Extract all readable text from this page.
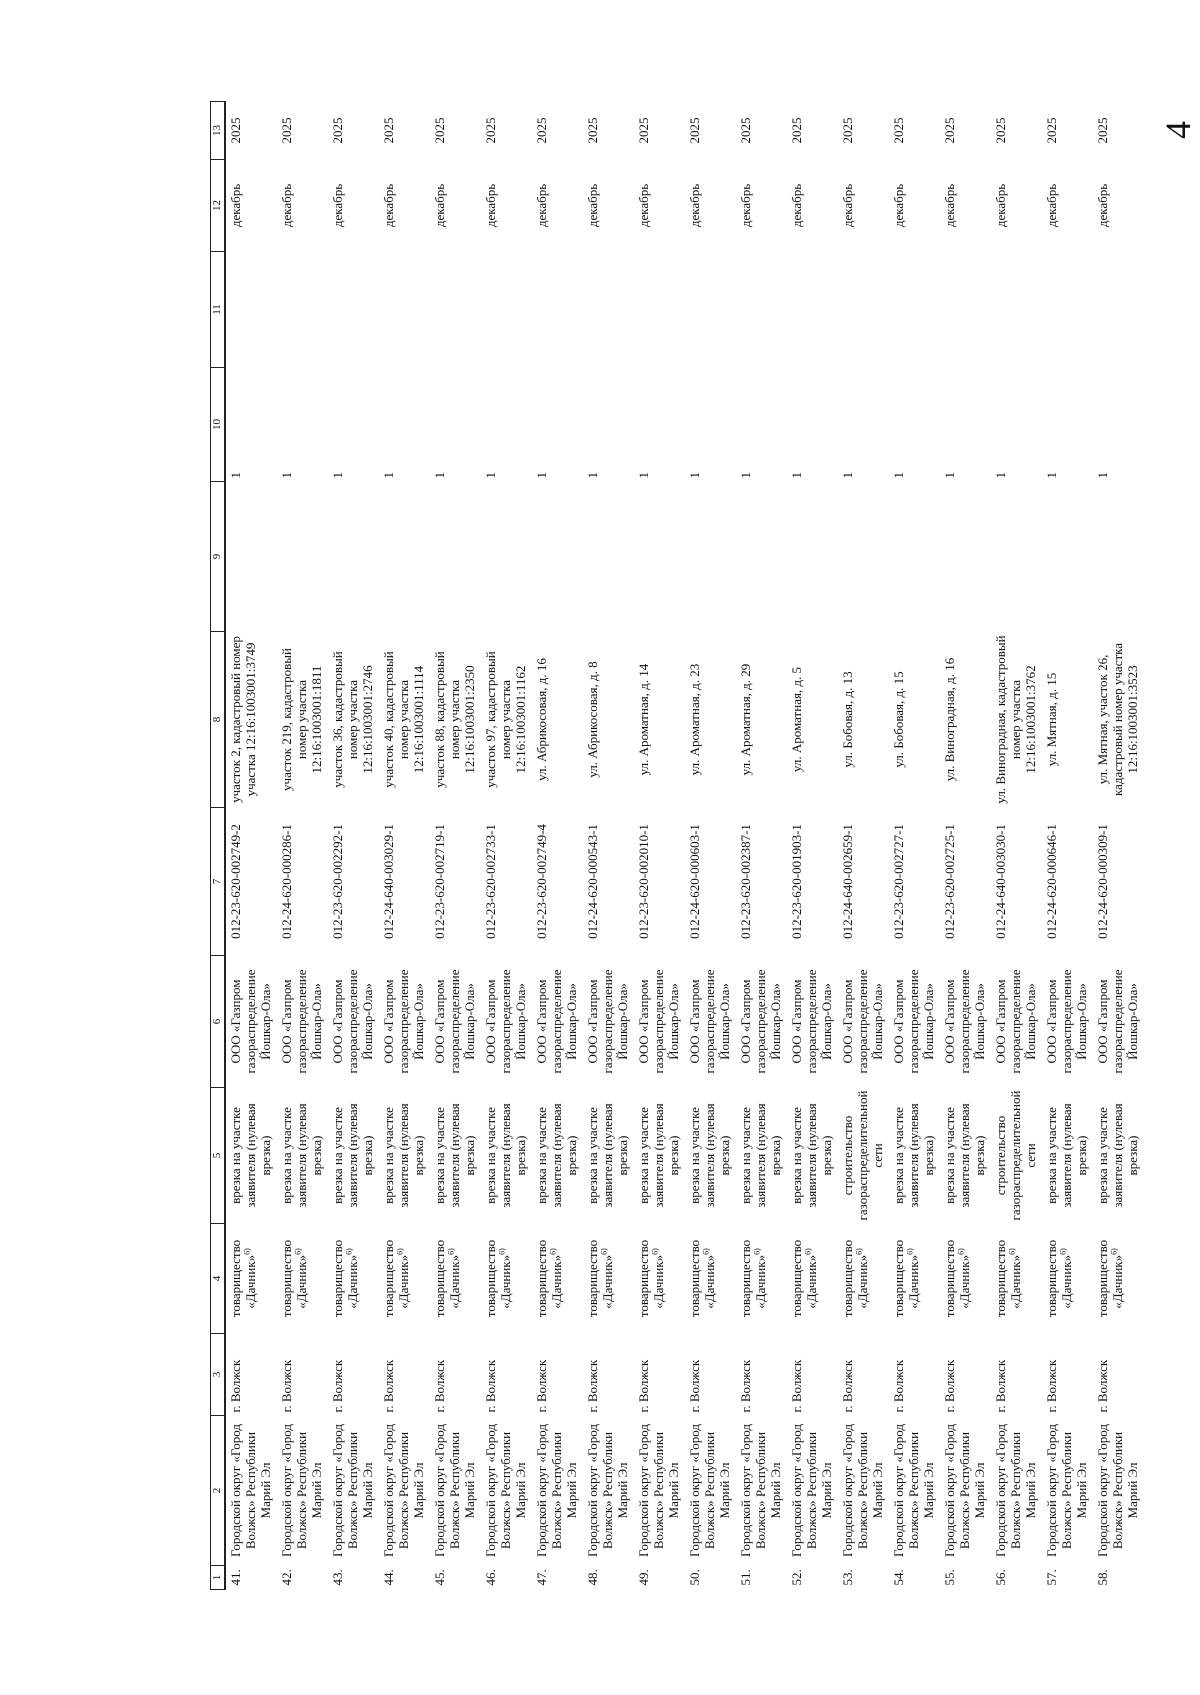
4
1	2	3	4	5	6	7	8	9	10	11	12	13
41.	Городской округ «Город Волжск» Республики Марий Эл	г. Волжск	товарищество «Дачник»$^{6)}$	врезка на участке заявителя (нулевая врезка)	ООО «Газпром газораспределение Йошкар-Ола»	012-23-620-002749-2	участок 2, кадастровый номер участка 12:16:1003001:3749		1		декабрь	2025
42.	Городской округ «Город Волжск» Республики Марий Эл	г. Волжск	товарищество «Дачник»$^{6)}$	врезка на участке заявителя (нулевая врезка)	ООО «Газпром газораспределение Йошкар-Ола»	012-24-620-000286-1	участок 219, кадастровый номер участка 12:16:1003001:1811		1		декабрь	2025
43.	Городской округ «Город Волжск» Республики Марий Эл	г. Волжск	товарищество «Дачник»$^{6)}$	врезка на участке заявителя (нулевая врезка)	ООО «Газпром газораспределение Йошкар-Ола»	012-23-620-002292-1	участок 36, кадастровый номер участка 12:16:1003001:2746		1		декабрь	2025
44.	Городской округ «Город Волжск» Республики Марий Эл	г. Волжск	товарищество «Дачник»$^{6)}$	врезка на участке заявителя (нулевая врезка)	ООО «Газпром газораспределение Йошкар-Ола»	012-24-640-003029-1	участок 40, кадастровый номер участка 12:16:1003001:1114		1		декабрь	2025
45.	Городской округ «Город Волжск» Республики Марий Эл	г. Волжск	товарищество «Дачник»$^{6)}$	врезка на участке заявителя (нулевая врезка)	ООО «Газпром газораспределение Йошкар-Ола»	012-23-620-002719-1	участок 88, кадастровый номер участка 12:16:1003001:2350		1		декабрь	2025
46.	Городской округ «Город Волжск» Республики Марий Эл	г. Волжск	товарищество «Дачник»$^{6)}$	врезка на участке заявителя (нулевая врезка)	ООО «Газпром газораспределение Йошкар-Ола»	012-23-620-002733-1	участок 97, кадастровый номер участка 12:16:1003001:1162		1		декабрь	2025
47.	Городской округ «Город Волжск» Республики Марий Эл	г. Волжск	товарищество «Дачник»$^{6)}$	врезка на участке заявителя (нулевая врезка)	ООО «Газпром газораспределение Йошкар-Ола»	012-23-620-002749-4	ул. Абрикосовая, д. 16		1		декабрь	2025
48.	Городской округ «Город Волжск» Республики Марий Эл	г. Волжск	товарищество «Дачник»$^{6)}$	врезка на участке заявителя (нулевая врезка)	ООО «Газпром газораспределение Йошкар-Ола»	012-24-620-000543-1	ул. Абрикосовая, д. 8		1		декабрь	2025
49.	Городской округ «Город Волжск» Республики Марий Эл	г. Волжск	товарищество «Дачник»$^{6)}$	врезка на участке заявителя (нулевая врезка)	ООО «Газпром газораспределение Йошкар-Ола»	012-23-620-002010-1	ул. Ароматная, д. 14		1		декабрь	2025
50.	Городской округ «Город Волжск» Республики Марий Эл	г. Волжск	товарищество «Дачник»$^{6)}$	врезка на участке заявителя (нулевая врезка)	ООО «Газпром газораспределение Йошкар-Ола»	012-24-620-000603-1	ул. Ароматная, д. 23		1		декабрь	2025
51.	Городской округ «Город Волжск» Республики Марий Эл	г. Волжск	товарищество «Дачник»$^{6)}$	врезка на участке заявителя (нулевая врезка)	ООО «Газпром газораспределение Йошкар-Ола»	012-23-620-002387-1	ул. Ароматная, д. 29		1		декабрь	2025
52.	Городской округ «Город Волжск» Республики Марий Эл	г. Волжск	товарищество «Дачник»$^{6)}$	врезка на участке заявителя (нулевая врезка)	ООО «Газпром газораспределение Йошкар-Ола»	012-23-620-001903-1	ул. Ароматная, д. 5		1		декабрь	2025
53.	Городской округ «Город Волжск» Республики Марий Эл	г. Волжск	товарищество «Дачник»$^{6)}$	строительство газораспределительной сети	ООО «Газпром газораспределение Йошкар-Ола»	012-24-640-002659-1	ул. Бобовая, д. 13		1		декабрь	2025
54.	Городской округ «Город Волжск» Республики Марий Эл	г. Волжск	товарищество «Дачник»$^{6)}$	врезка на участке заявителя (нулевая врезка)	ООО «Газпром газораспределение Йошкар-Ола»	012-23-620-002727-1	ул. Бобовая, д. 15		1		декабрь	2025
55.	Городской округ «Город Волжск» Республики Марий Эл	г. Волжск	товарищество «Дачник»$^{6)}$	врезка на участке заявителя (нулевая врезка)	ООО «Газпром газораспределение Йошкар-Ола»	012-23-620-002725-1	ул. Виноградная, д. 16		1		декабрь	2025
56.	Городской округ «Город Волжск» Республики Марий Эл	г. Волжск	товарищество «Дачник»$^{6)}$	строительство газораспределительной сети	ООО «Газпром газораспределение Йошкар-Ола»	012-24-640-003030-1	ул. Виноградная, кадастровый номер участка 12:16:1003001:3762		1		декабрь	2025
57.	Городской округ «Город Волжск» Республики Марий Эл	г. Волжск	товарищество «Дачник»$^{6)}$	врезка на участке заявителя (нулевая врезка)	ООО «Газпром газораспределение Йошкар-Ола»	012-24-620-000646-1	ул. Мятная, д. 15		1		декабрь	2025
58.	Городской округ «Город Волжск» Республики Марий Эл	г. Волжск	товарищество «Дачник»$^{6)}$	врезка на участке заявителя (нулевая врезка)	ООО «Газпром газораспределение Йошкар-Ола»	012-24-620-000309-1	ул. Мятная, участок 26, кадастровый номер участка 12:16:1003001:3523		1		декабрь	2025
